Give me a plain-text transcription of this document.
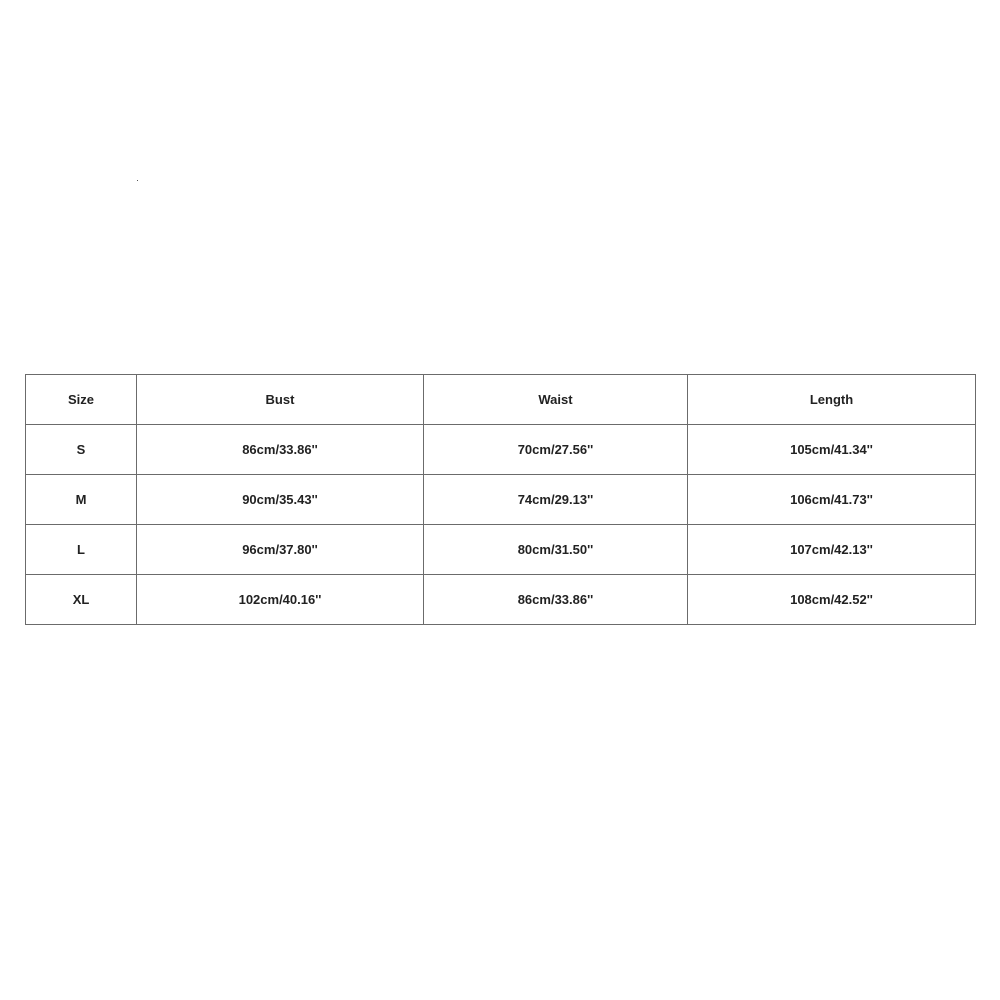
Size	Bust	Waist	Length
S	86cm/33.86''	70cm/27.56''	105cm/41.34''
M	90cm/35.43''	74cm/29.13''	106cm/41.73''
L	96cm/37.80''	80cm/31.50''	107cm/42.13''
XL	102cm/40.16''	86cm/33.86''	108cm/42.52''
